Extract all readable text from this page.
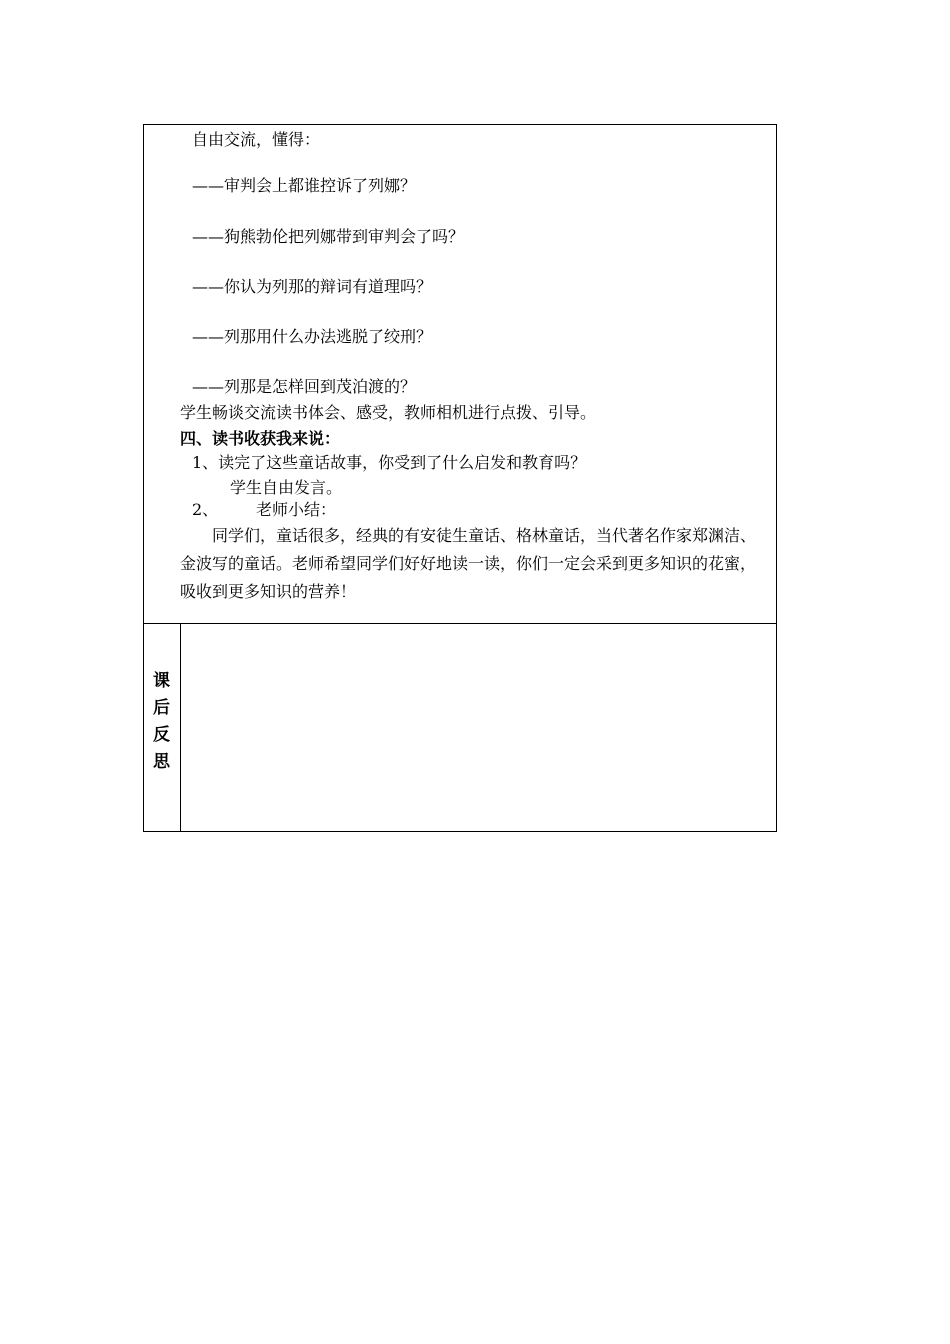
自由交流，懂得：
——审判会上都谁控诉了列娜？
——狗熊勃伦把列娜带到审判会了吗？
——你认为列那的辩词有道理吗？
——列那用什么办法逃脱了绞刑？
——列那是怎样回到茂泊渡的？
学生畅谈交流读书体会、感受，教师相机进行点拨、引导。
四、读书收获我来说：
1、读完了这些童话故事，你受到了什么启发和教育吗？
学生自由发言。
2、 老师小结：
同学们，童话很多，经典的有安徒生童话、格林童话，当代著名作家郑渊洁、金波写的童话。老师希望同学们好好地读一读，你们一定会采到更多知识的花蜜，吸收到更多知识的营养！
课
后
反
思
